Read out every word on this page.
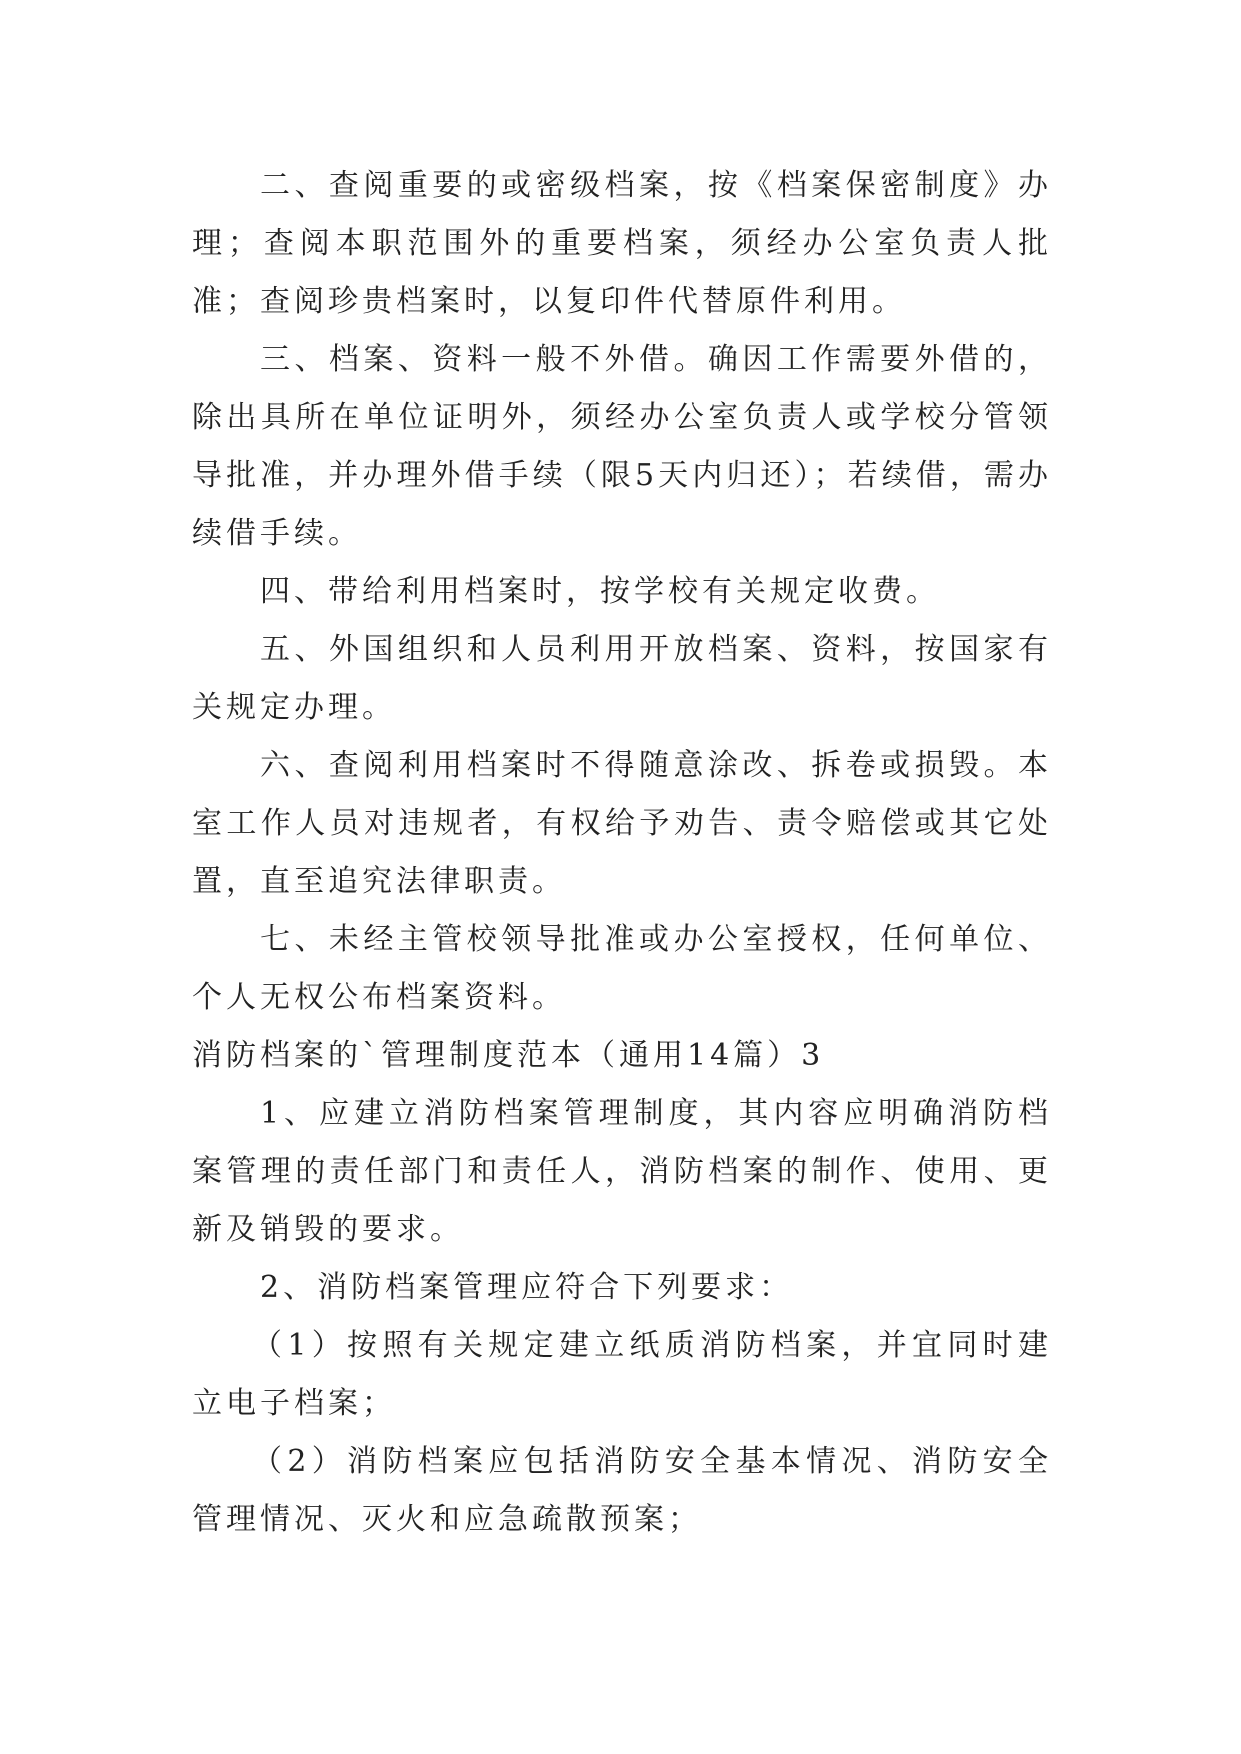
二、查阅重要的或密级档案，按《档案保密制度》办理；查阅本职范围外的重要档案，须经办公室负责人批准；查阅珍贵档案时，以复印件代替原件利用。

三、档案、资料一般不外借。确因工作需要外借的，除出具所在单位证明外，须经办公室负责人或学校分管领导批准，并办理外借手续（限5天内归还）；若续借，需办续借手续。

四、带给利用档案时，按学校有关规定收费。

五、外国组织和人员利用开放档案、资料，按国家有关规定办理。

六、查阅利用档案时不得随意涂改、拆卷或损毁。本室工作人员对违规者，有权给予劝告、责令赔偿或其它处置，直至追究法律职责。

七、未经主管校领导批准或办公室授权，任何单位、个人无权公布档案资料。

消防档案的`管理制度范本（通用14篇）3

1、应建立消防档案管理制度，其内容应明确消防档案管理的责任部门和责任人，消防档案的制作、使用、更新及销毁的要求。

2、消防档案管理应符合下列要求：

（1）按照有关规定建立纸质消防档案，并宜同时建立电子档案；

（2）消防档案应包括消防安全基本情况、消防安全管理情况、灭火和应急疏散预案；
